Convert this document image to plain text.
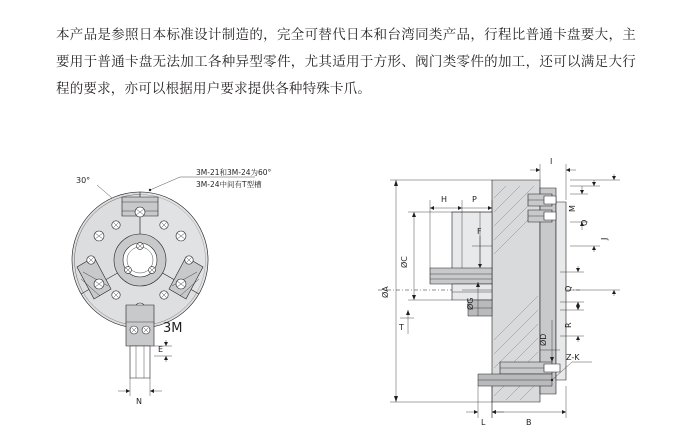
本产品是参照日本标准设计制造的，完全可替代日本和台湾同类产品，行程比普通卡盘要大，主要用于普通卡盘无法加工各种异型零件，尤其适用于方形、阀门类零件的加工，还可以满足大行程的要求，亦可以根据用户要求提供各种特殊卡爪。
E
N
30°
3M-21和3M-24为60°
3M-24中间有T型槽
3M
I
H	P
M
O
J
F
Q
R
ØA
ØC
ØG
ØD
T
L	B
Z-K
